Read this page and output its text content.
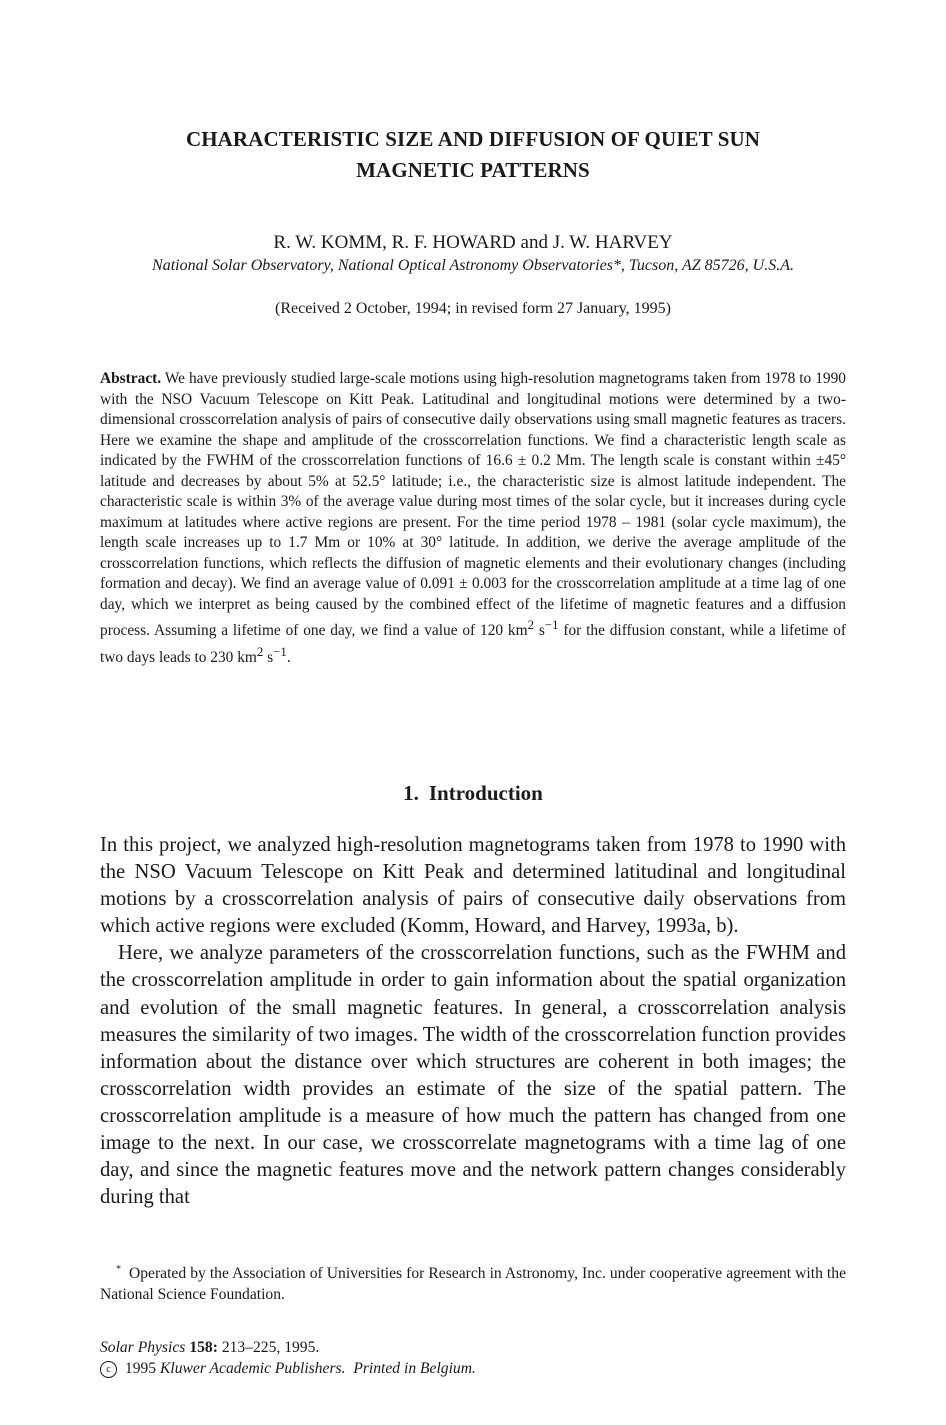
CHARACTERISTIC SIZE AND DIFFUSION OF QUIET SUN
MAGNETIC PATTERNS
R. W. KOMM, R. F. HOWARD and J. W. HARVEY
National Solar Observatory, National Optical Astronomy Observatories*, Tucson, AZ 85726, U.S.A.
(Received 2 October, 1994; in revised form 27 January, 1995)
Abstract. We have previously studied large-scale motions using high-resolution magnetograms taken from 1978 to 1990 with the NSO Vacuum Telescope on Kitt Peak. Latitudinal and longitudinal motions were determined by a two-dimensional crosscorrelation analysis of pairs of consecutive daily observations using small magnetic features as tracers. Here we examine the shape and amplitude of the crosscorrelation functions. We find a characteristic length scale as indicated by the FWHM of the crosscorrelation functions of 16.6 ± 0.2 Mm. The length scale is constant within ±45° latitude and decreases by about 5% at 52.5° latitude; i.e., the characteristic size is almost latitude independent. The characteristic scale is within 3% of the average value during most times of the solar cycle, but it increases during cycle maximum at latitudes where active regions are present. For the time period 1978 – 1981 (solar cycle maximum), the length scale increases up to 1.7 Mm or 10% at 30° latitude. In addition, we derive the average amplitude of the crosscorrelation functions, which reflects the diffusion of magnetic elements and their evolutionary changes (including formation and decay). We find an average value of 0.091 ± 0.003 for the crosscorrelation amplitude at a time lag of one day, which we interpret as being caused by the combined effect of the lifetime of magnetic features and a diffusion process. Assuming a lifetime of one day, we find a value of 120 $km^2$ $s^{-1}$ for the diffusion constant, while a lifetime of two days leads to 230 $km^2$ $s^{-1}$.
1. Introduction

In this project, we analyzed high-resolution magnetograms taken from 1978 to 1990 with the NSO Vacuum Telescope on Kitt Peak and determined latitudinal and longitudinal motions by a crosscorrelation analysis of pairs of consecutive daily observations from which active regions were excluded (Komm, Howard, and Harvey, 1993a, b).

Here, we analyze parameters of the crosscorrelation functions, such as the FWHM and the crosscorrelation amplitude in order to gain information about the spatial organization and evolution of the small magnetic features. In general, a crosscorrelation analysis measures the similarity of two images. The width of the crosscorrelation function provides information about the distance over which structures are coherent in both images; the crosscorrelation width provides an estimate of the size of the spatial pattern. The crosscorrelation amplitude is a measure of how much the pattern has changed from one image to the next. In our case, we crosscorrelate magnetograms with a time lag of one day, and since the magnetic features move and the network pattern changes considerably during that

* Operated by the Association of Universities for Research in Astronomy, Inc. under cooperative agreement with the National Science Foundation.
Solar Physics 158: 213–225, 1995.
c 1995 Kluwer Academic Publishers. Printed in Belgium.
